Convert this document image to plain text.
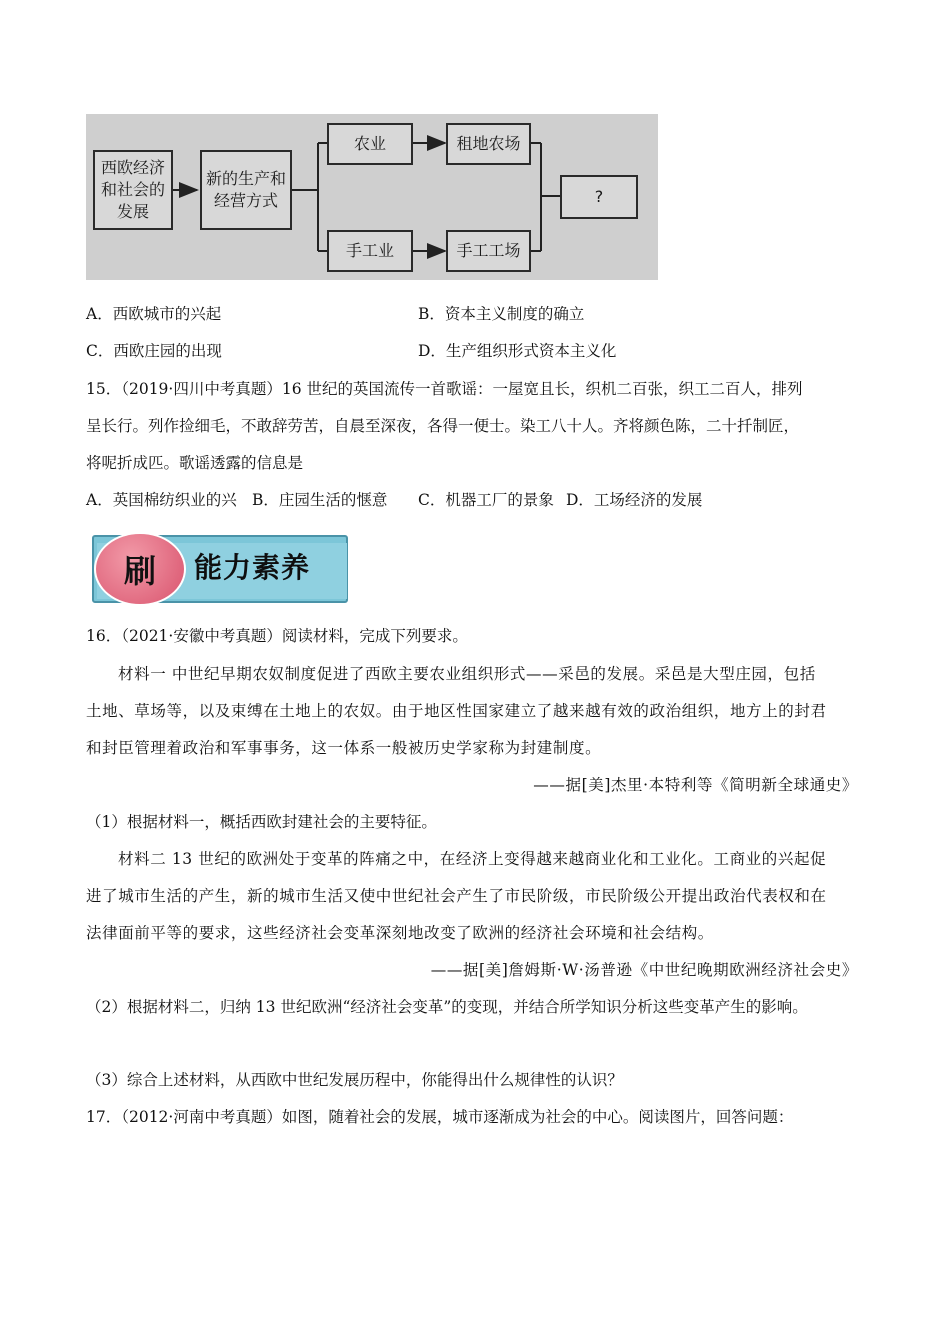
西欧经济
和社会的
发展
新的生产和
经营方式
农业	租地农场
手工业	手工工场
?
A．西欧城市的兴起	B．资本主义制度的确立
C．西欧庄园的出现	D．生产组织形式资本主义化
15．（2019·四川中考真题）16 世纪的英国流传一首歌谣：一屋宽且长，织机二百张，织工二百人，排列
呈长行。列作捡细毛，不敢辞劳苦，自晨至深夜，各得一便士。染工八十人。齐将颜色陈，二十扦制匠，
将呢折成匹。歌谣透露的信息是
A．英国棉纺织业的兴 B．庄园生活的惬意 C．机器工厂的景象 D．工场经济的发展
刷 能力素养
16．（2021·安徽中考真题）阅读材料，完成下列要求。
材料一 中世纪早期农奴制度促进了西欧主要农业组织形式——采邑的发展。采邑是大型庄园，包括
土地、草场等，以及束缚在土地上的农奴。由于地区性国家建立了越来越有效的政治组织，地方上的封君
和封臣管理着政治和军事事务，这一体系一般被历史学家称为封建制度。
——据[美]杰里·本特利等《简明新全球通史》
（1）根据材料一，概括西欧封建社会的主要特征。
材料二 13 世纪的欧洲处于变革的阵痛之中，在经济上变得越来越商业化和工业化。工商业的兴起促
进了城市生活的产生，新的城市生活又使中世纪社会产生了市民阶级，市民阶级公开提出政治代表权和在
法律面前平等的要求，这些经济社会变革深刻地改变了欧洲的经济社会环境和社会结构。
——据[美]詹姆斯·W·汤普逊《中世纪晚期欧洲经济社会史》
（2）根据材料二，归纳 13 世纪欧洲“经济社会变革”的变现，并结合所学知识分析这些变革产生的影响。
（3）综合上述材料，从西欧中世纪发展历程中，你能得出什么规律性的认识？
17．（2012·河南中考真题）如图，随着社会的发展，城市逐渐成为社会的中心。阅读图片，回答问题：
